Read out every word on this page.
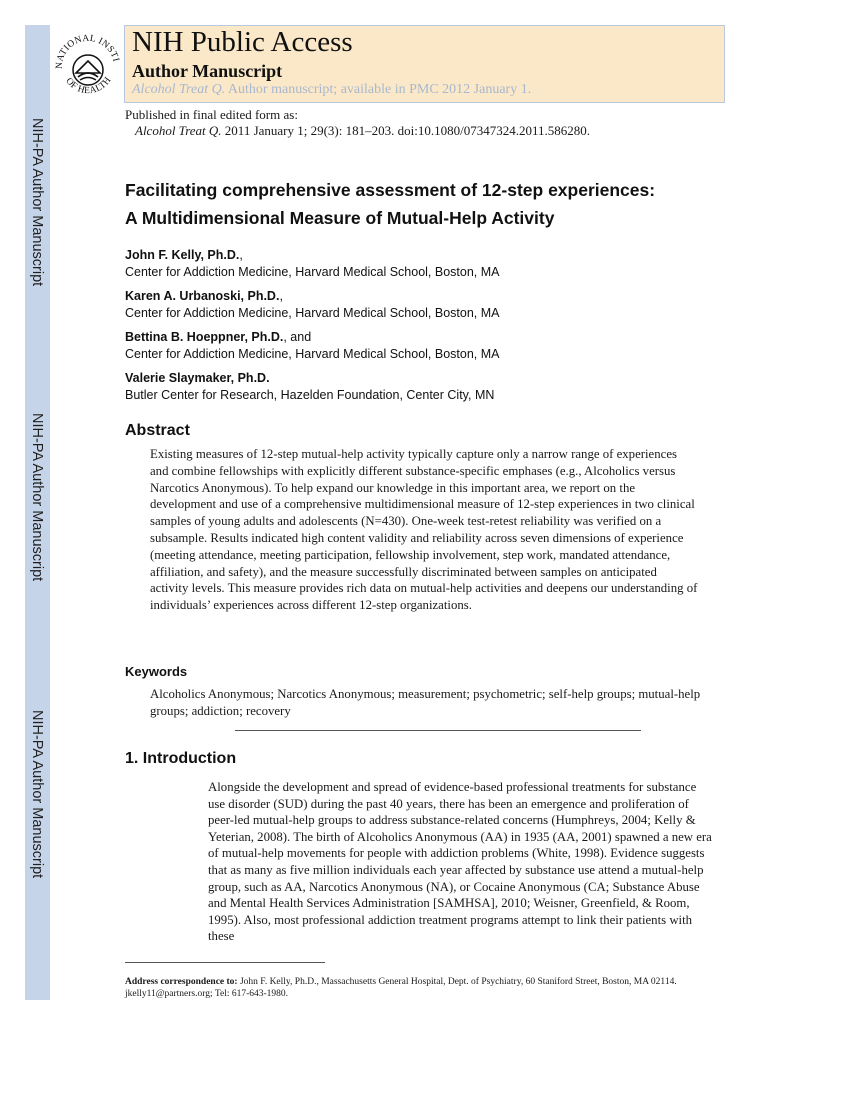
NIH-PA Author Manuscript
NIH-PA Author Manuscript
NIH-PA Author Manuscript
NATIONAL INSTI
OF HEALTH
NIH Public Access
Author Manuscript
Alcohol Treat Q. Author manuscript; available in PMC 2012 January 1.
Published in final edited form as:
Alcohol Treat Q. 2011 January 1; 29(3): 181–203. doi:10.1080/07347324.2011.586280.
Facilitating comprehensive assessment of 12-step experiences:
A Multidimensional Measure of Mutual-Help Activity
John F. Kelly, Ph.D.,
Center for Addiction Medicine, Harvard Medical School, Boston, MA
Karen A. Urbanoski, Ph.D.,
Center for Addiction Medicine, Harvard Medical School, Boston, MA
Bettina B. Hoeppner, Ph.D., and
Center for Addiction Medicine, Harvard Medical School, Boston, MA
Valerie Slaymaker, Ph.D.
Butler Center for Research, Hazelden Foundation, Center City, MN
Abstract
Existing measures of 12-step mutual-help activity typically capture only a narrow range of experiences and combine fellowships with explicitly different substance-specific emphases (e.g., Alcoholics versus Narcotics Anonymous). To help expand our knowledge in this important area, we report on the development and use of a comprehensive multidimensional measure of 12-step experiences in two clinical samples of young adults and adolescents (N=430). One-week test-retest reliability was verified on a subsample. Results indicated high content validity and reliability across seven dimensions of experience (meeting attendance, meeting participation, fellowship involvement, step work, mandated attendance, affiliation, and safety), and the measure successfully discriminated between samples on anticipated activity levels. This measure provides rich data on mutual-help activities and deepens our understanding of individuals’ experiences across different 12-step organizations.
Keywords
Alcoholics Anonymous; Narcotics Anonymous; measurement; psychometric; self-help groups; mutual-help groups; addiction; recovery
1. Introduction
Alongside the development and spread of evidence-based professional treatments for substance use disorder (SUD) during the past 40 years, there has been an emergence and proliferation of peer-led mutual-help groups to address substance-related concerns (Humphreys, 2004; Kelly & Yeterian, 2008). The birth of Alcoholics Anonymous (AA) in 1935 (AA, 2001) spawned a new era of mutual-help movements for people with addiction problems (White, 1998). Evidence suggests that as many as five million individuals each year affected by substance use attend a mutual-help group, such as AA, Narcotics Anonymous (NA), or Cocaine Anonymous (CA; Substance Abuse and Mental Health Services Administration [SAMHSA], 2010; Weisner, Greenfield, & Room, 1995). Also, most professional addiction treatment programs attempt to link their patients with these
Address correspondence to: John F. Kelly, Ph.D., Massachusetts General Hospital, Dept. of Psychiatry, 60 Staniford Street, Boston, MA 02114. jkelly11@partners.org; Tel: 617-643-1980.
